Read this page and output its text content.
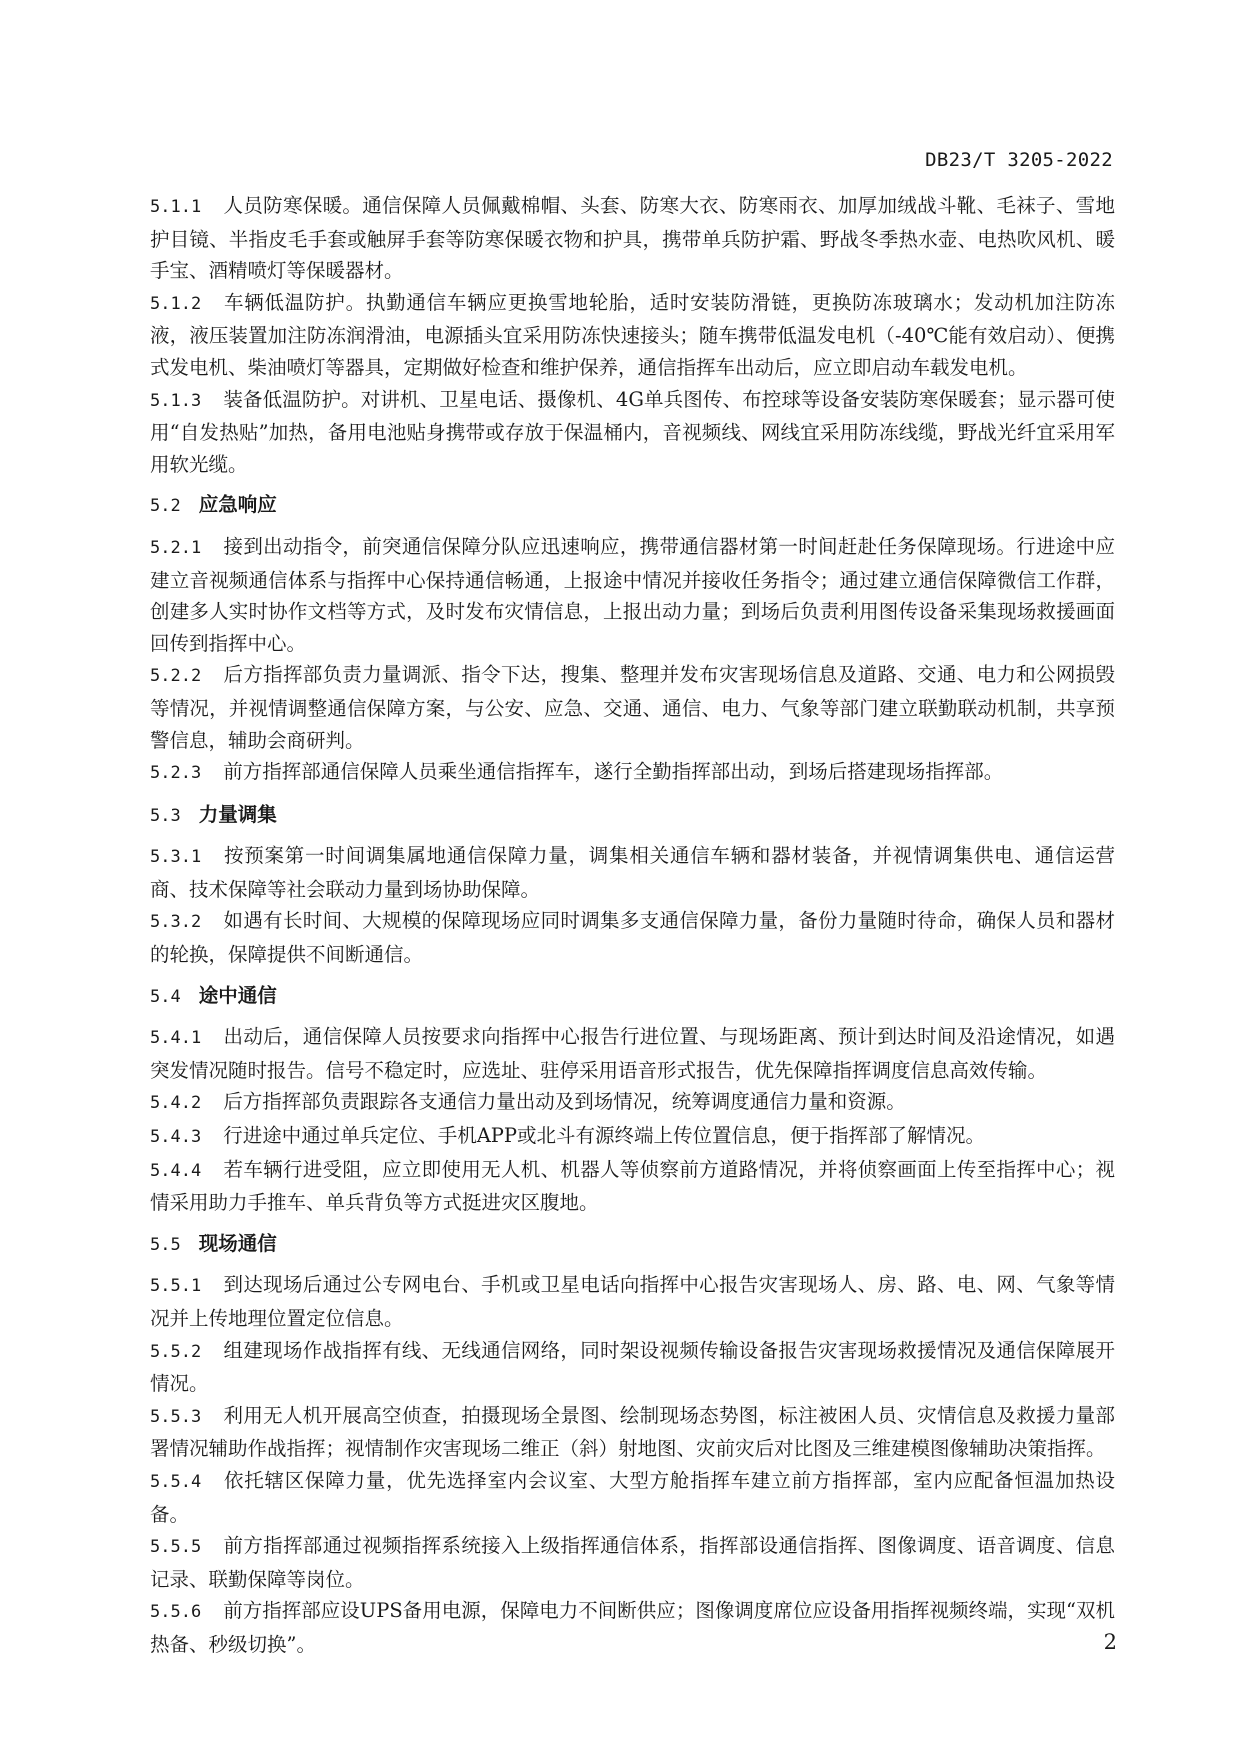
DB23/T 3205-2022

5.1.1 人员防寒保暖。通信保障人员佩戴棉帽、头套、防寒大衣、防寒雨衣、加厚加绒战斗靴、毛袜子、雪地护目镜、半指皮毛手套或触屏手套等防寒保暖衣物和护具，携带单兵防护霜、野战冬季热水壶、电热吹风机、暖手宝、酒精喷灯等保暖器材。

5.1.2 车辆低温防护。执勤通信车辆应更换雪地轮胎，适时安装防滑链，更换防冻玻璃水；发动机加注防冻液，液压装置加注防冻润滑油，电源插头宜采用防冻快速接头；随车携带低温发电机（-40℃能有效启动）、便携式发电机、柴油喷灯等器具，定期做好检查和维护保养，通信指挥车出动后，应立即启动车载发电机。

5.1.3 装备低温防护。对讲机、卫星电话、摄像机、4G单兵图传、布控球等设备安装防寒保暖套；显示器可使用“自发热贴”加热，备用电池贴身携带或存放于保温桶内，音视频线、网线宜采用防冻线缆，野战光纤宜采用军用软光缆。

5.2 应急响应

5.2.1 接到出动指令，前突通信保障分队应迅速响应，携带通信器材第一时间赶赴任务保障现场。行进途中应建立音视频通信体系与指挥中心保持通信畅通，上报途中情况并接收任务指令；通过建立通信保障微信工作群，创建多人实时协作文档等方式，及时发布灾情信息，上报出动力量；到场后负责利用图传设备采集现场救援画面回传到指挥中心。

5.2.2 后方指挥部负责力量调派、指令下达，搜集、整理并发布灾害现场信息及道路、交通、电力和公网损毁等情况，并视情调整通信保障方案，与公安、应急、交通、通信、电力、气象等部门建立联勤联动机制，共享预警信息，辅助会商研判。

5.2.3 前方指挥部通信保障人员乘坐通信指挥车，遂行全勤指挥部出动，到场后搭建现场指挥部。

5.3 力量调集

5.3.1 按预案第一时间调集属地通信保障力量，调集相关通信车辆和器材装备，并视情调集供电、通信运营商、技术保障等社会联动力量到场协助保障。

5.3.2 如遇有长时间、大规模的保障现场应同时调集多支通信保障力量，备份力量随时待命，确保人员和器材的轮换，保障提供不间断通信。

5.4 途中通信

5.4.1 出动后，通信保障人员按要求向指挥中心报告行进位置、与现场距离、预计到达时间及沿途情况，如遇突发情况随时报告。信号不稳定时，应选址、驻停采用语音形式报告，优先保障指挥调度信息高效传输。

5.4.2 后方指挥部负责跟踪各支通信力量出动及到场情况，统筹调度通信力量和资源。

5.4.3 行进途中通过单兵定位、手机APP或北斗有源终端上传位置信息，便于指挥部了解情况。

5.4.4 若车辆行进受阻，应立即使用无人机、机器人等侦察前方道路情况，并将侦察画面上传至指挥中心；视情采用助力手推车、单兵背负等方式挺进灾区腹地。

5.5 现场通信

5.5.1 到达现场后通过公专网电台、手机或卫星电话向指挥中心报告灾害现场人、房、路、电、网、气象等情况并上传地理位置定位信息。

5.5.2 组建现场作战指挥有线、无线通信网络，同时架设视频传输设备报告灾害现场救援情况及通信保障展开情况。

5.5.3 利用无人机开展高空侦查，拍摄现场全景图、绘制现场态势图，标注被困人员、灾情信息及救援力量部署情况辅助作战指挥；视情制作灾害现场二维正（斜）射地图、灾前灾后对比图及三维建模图像辅助决策指挥。

5.5.4 依托辖区保障力量，优先选择室内会议室、大型方舱指挥车建立前方指挥部，室内应配备恒温加热设备。

5.5.5 前方指挥部通过视频指挥系统接入上级指挥通信体系，指挥部设通信指挥、图像调度、语音调度、信息记录、联勤保障等岗位。

5.5.6 前方指挥部应设UPS备用电源，保障电力不间断供应；图像调度席位应设备用指挥视频终端，实现“双机热备、秒级切换”。	2
